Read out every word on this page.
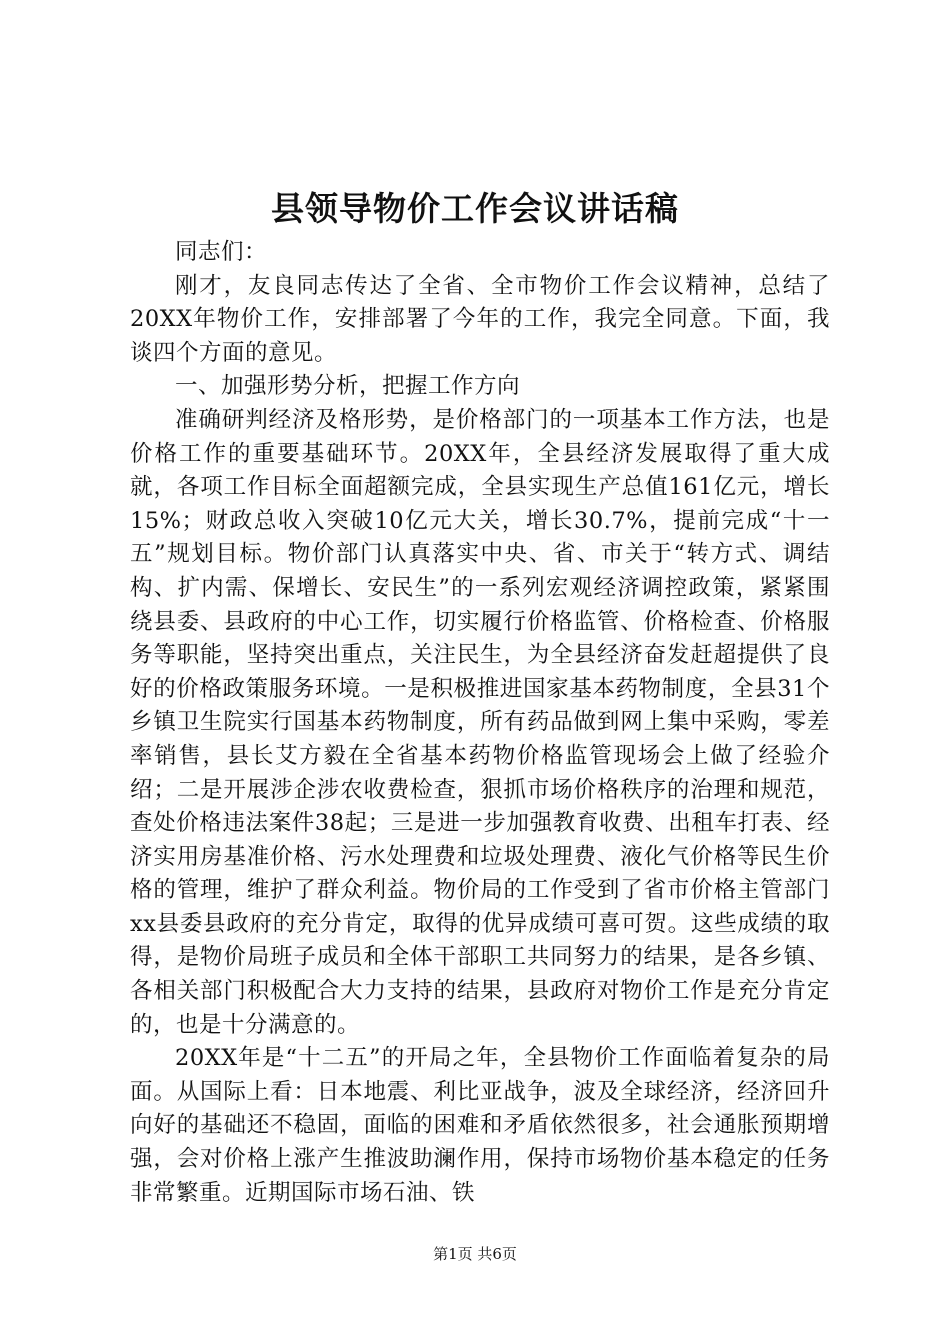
县领导物价工作会议讲话稿

同志们：

刚才，友良同志传达了全省、全市物价工作会议精神，总结了20XX年物价工作，安排部署了今年的工作，我完全同意。下面，我谈四个方面的意见。

一、加强形势分析，把握工作方向

准确研判经济及格形势，是价格部门的一项基本工作方法，也是价格工作的重要基础环节。20XX年，全县经济发展取得了重大成就，各项工作目标全面超额完成，全县实现生产总值161亿元，增长15%；财政总收入突破10亿元大关，增长30.7%，提前完成“十一五”规划目标。物价部门认真落实中央、省、市关于“转方式、调结构、扩内需、保增长、安民生”的一系列宏观经济调控政策，紧紧围绕县委、县政府的中心工作，切实履行价格监管、价格检查、价格服务等职能，坚持突出重点，关注民生，为全县经济奋发赶超提供了良好的价格政策服务环境。一是积极推进国家基本药物制度，全县31个乡镇卫生院实行国基本药物制度，所有药品做到网上集中采购，零差率销售，县长艾方毅在全省基本药物价格监管现场会上做了经验介绍；二是开展涉企涉农收费检查，狠抓市场价格秩序的治理和规范，查处价格违法案件38起；三是进一步加强教育收费、出租车打表、经济实用房基准价格、污水处理费和垃圾处理费、液化气价格等民生价格的管理，维护了群众利益。物价局的工作受到了省市价格主管部门xx县委县政府的充分肯定，取得的优异成绩可喜可贺。这些成绩的取得，是物价局班子成员和全体干部职工共同努力的结果，是各乡镇、各相关部门积极配合大力支持的结果，县政府对物价工作是充分肯定的，也是十分满意的。

20XX年是“十二五”的开局之年，全县物价工作面临着复杂的局面。从国际上看：日本地震、利比亚战争，波及全球经济，经济回升向好的基础还不稳固，面临的困难和矛盾依然很多，社会通胀预期增强，会对价格上涨产生推波助澜作用，保持市场物价基本稳定的任务非常繁重。近期国际市场石油、铁

第1页 共6页
